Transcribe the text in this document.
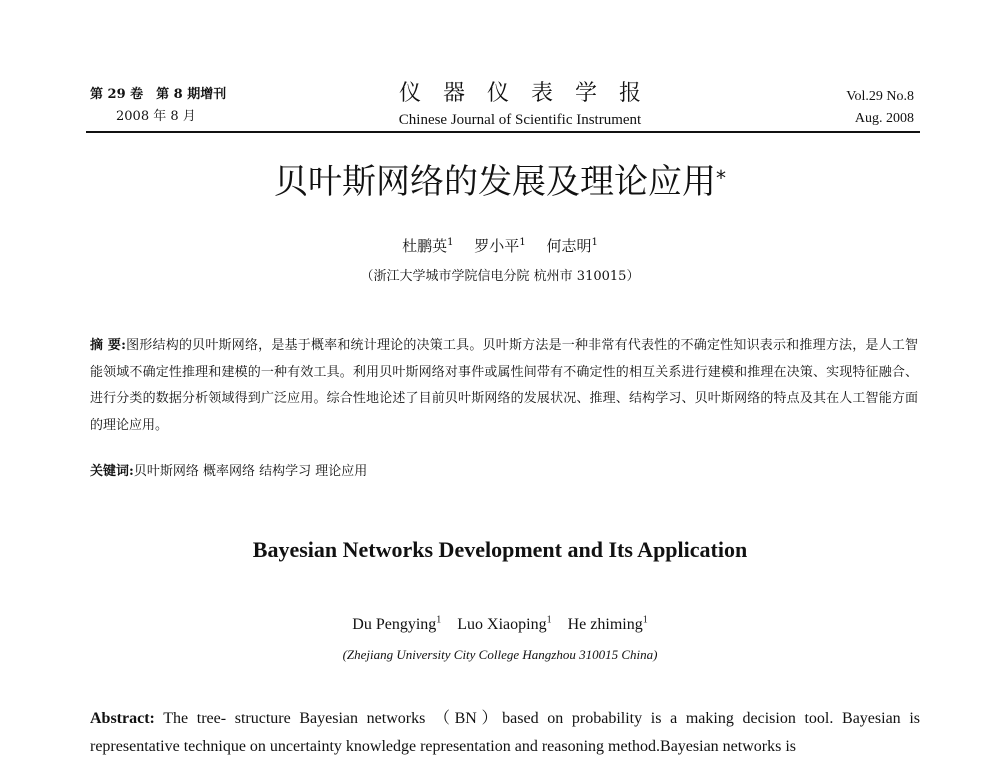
第 29 卷　第 8 期增刊
2008 年 8 月
仪器仪表学报
Chinese Journal of Scientific Instrument
Vol.29 No.8
Aug. 2008
贝叶斯网络的发展及理论应用*
杜鹏英$^1$ 罗小平$^1$ 何志明$^1$
（浙江大学城市学院信电分院 杭州市 310015）
摘 要:图形结构的贝叶斯网络，是基于概率和统计理论的决策工具。贝叶斯方法是一种非常有代表性的不确定性知识表示和推理方法，是人工智能领域不确定性推理和建模的一种有效工具。利用贝叶斯网络对事件或属性间带有不确定性的相互关系进行建模和推理在决策、实现特征融合、进行分类的数据分析领域得到广泛应用。综合性地论述了目前贝叶斯网络的发展状况、推理、结构学习、贝叶斯网络的特点及其在人工智能方面的理论应用。
关键词:贝叶斯网络 概率网络 结构学习 理论应用
Bayesian Networks Development and Its Application
Du Pengying$^1$ Luo Xiaoping$^1$ He zhiming$^1$
(Zhejiang University City College Hangzhou 310015 China)
Abstract: The tree- structure Bayesian networks （BN）based on probability is a making decision tool. Bayesian is representative technique on uncertainty knowledge representation and reasoning method.Bayesian networks is
